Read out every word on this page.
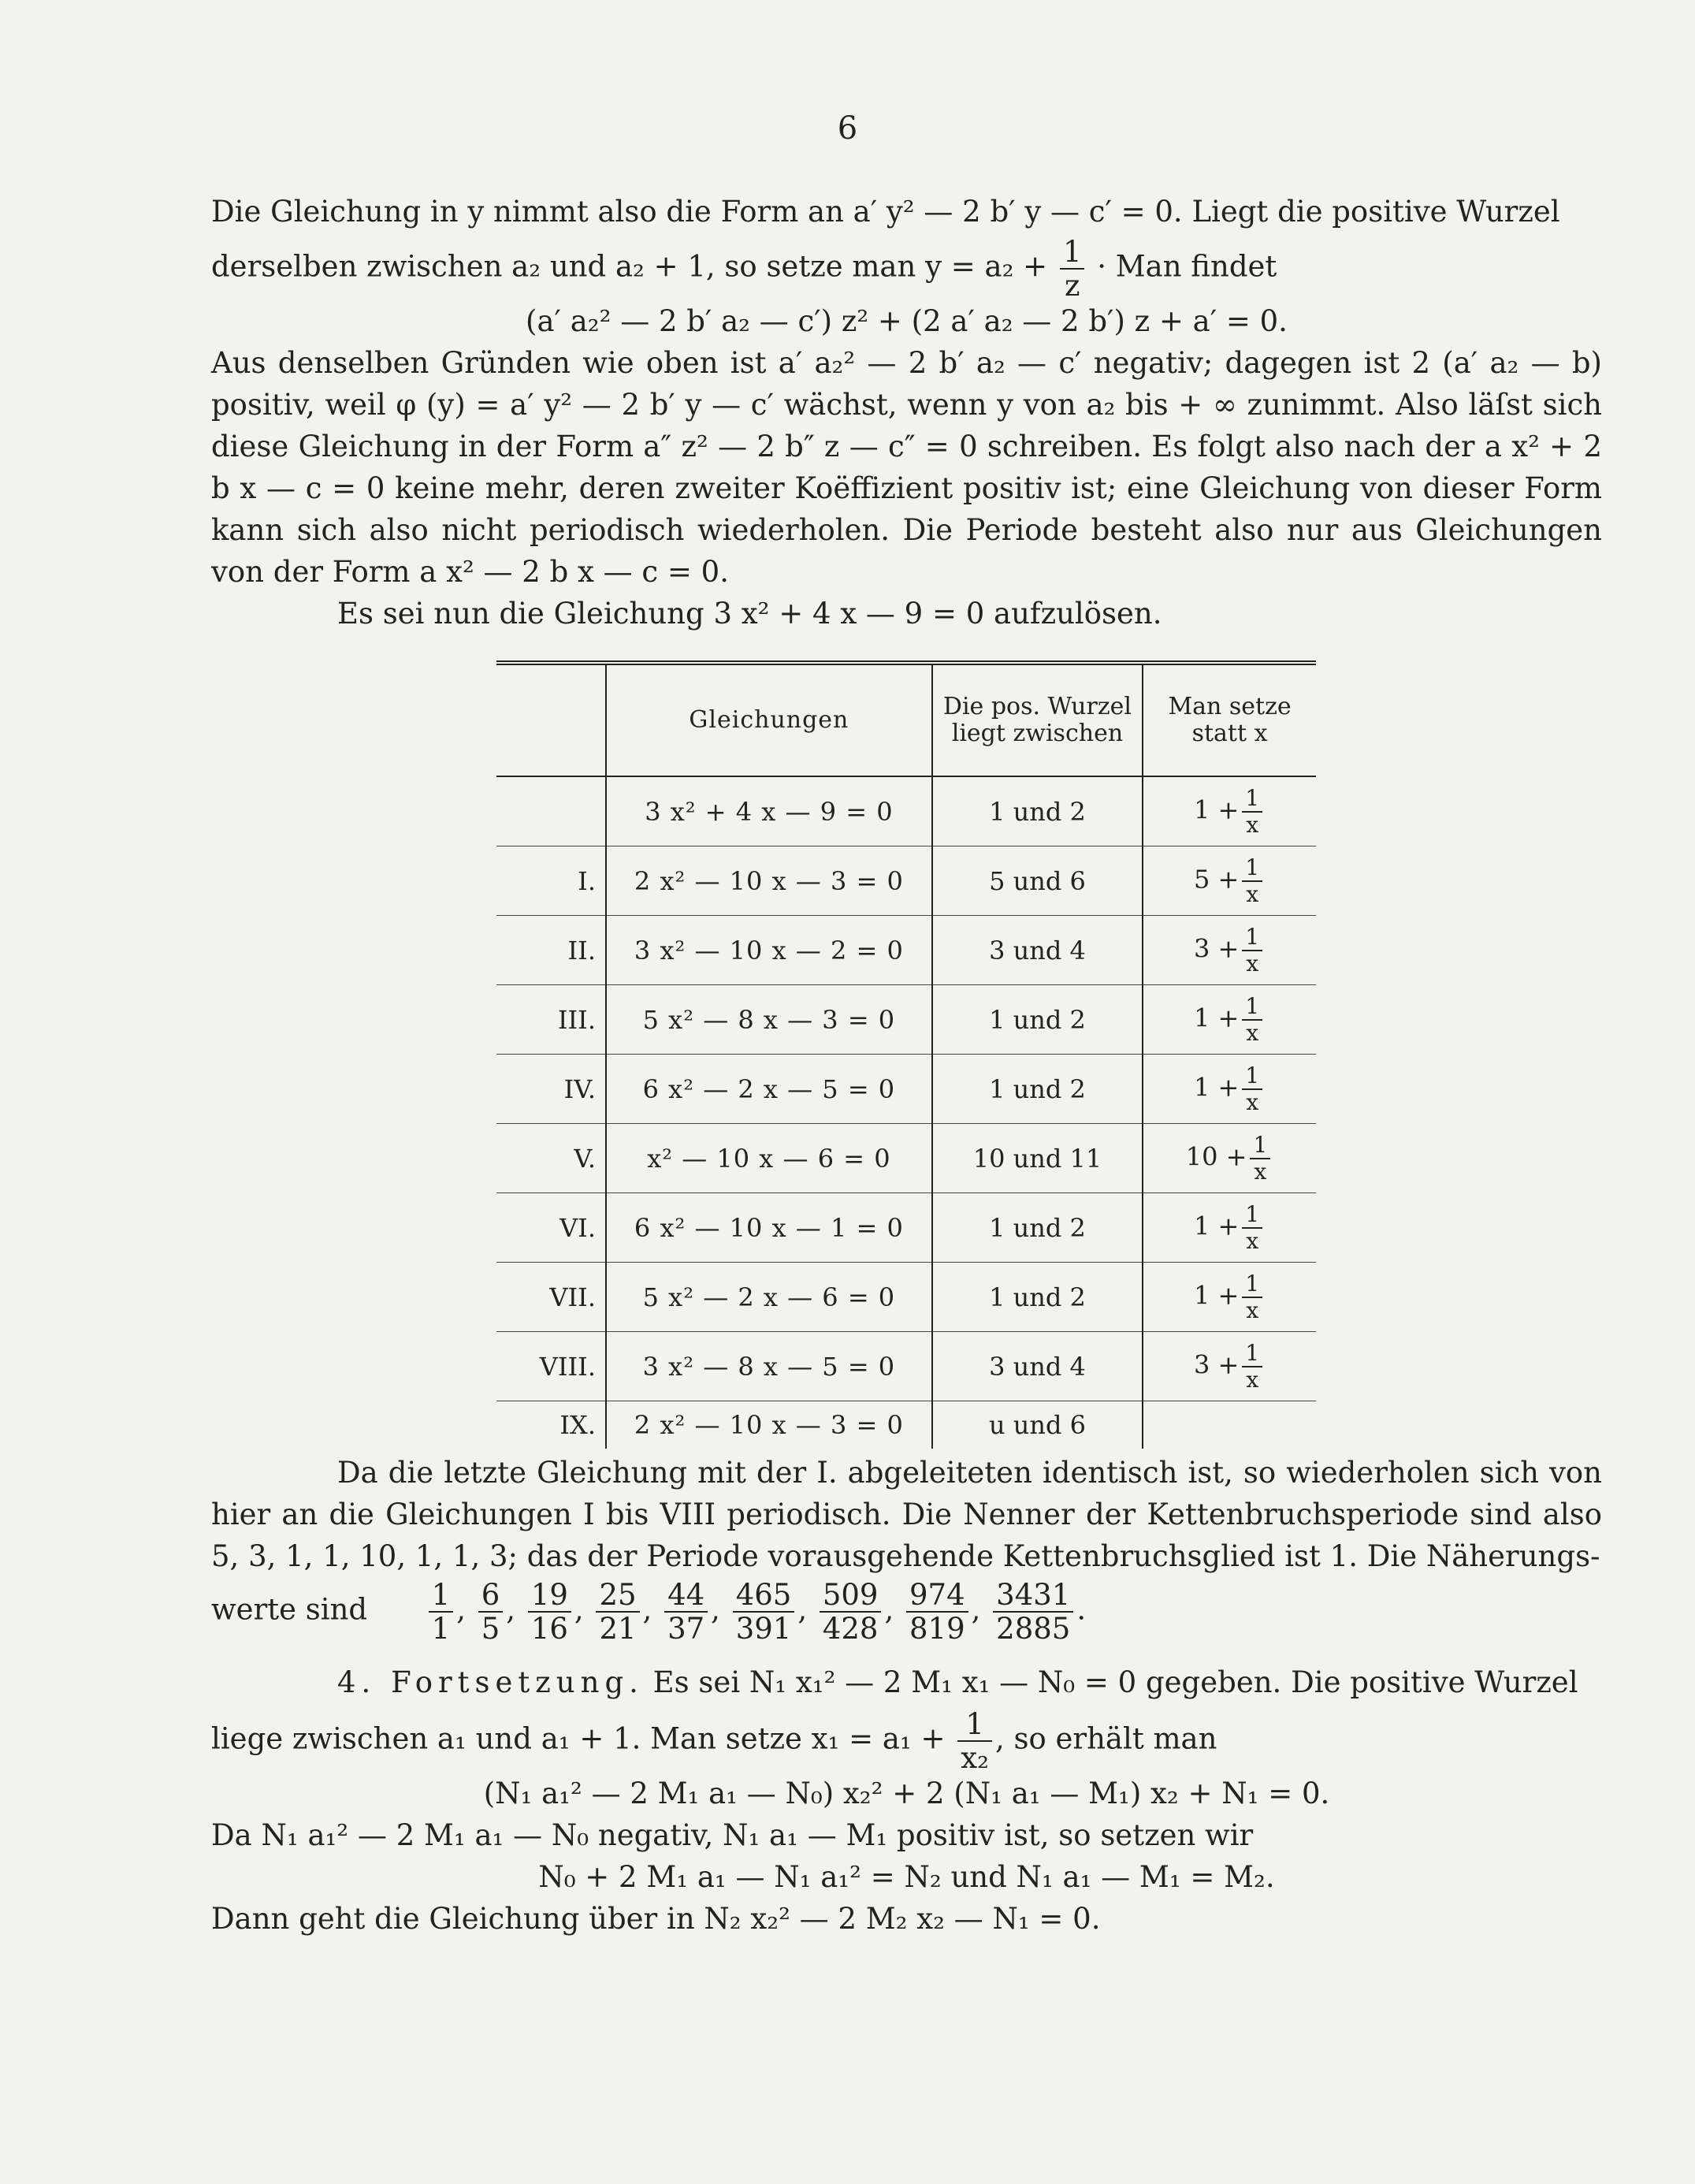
6

Die Gleichung in y nimmt also die Form an a′ y² — 2 b′ y — c′ = 0. Liegt die positive Wurzel

derselben zwischen a₂ und a₂ + 1, so setze man $y = a_2 + \frac{1}{z}$ · Man findet

(a′ a₂² — 2 b′ a₂ — c′) z² + (2 a′ a₂ — 2 b′) z + a′ = 0.

Aus denselben Gründen wie oben ist a′ a₂² — 2 b′ a₂ — c′ negativ; dagegen ist 2 (a′ a₂ — b) positiv, weil φ (y) = a′ y² — 2 b′ y — c′ wächst, wenn y von a₂ bis + ∞ zunimmt. Also läſst sich diese Gleichung in der Form a″ z² — 2 b″ z — c″ = 0 schreiben. Es folgt also nach der a x² + 2 b x — c = 0 keine mehr, deren zweiter Koëffizient positiv ist; eine Gleichung von dieser Form kann sich also nicht periodisch wiederholen. Die Periode besteht also nur aus Gleichungen von der Form a x² — 2 b x — c = 0.

Es sei nun die Gleichung 3 x² + 4 x — 9 = 0 aufzulösen.

	Gleichungen	Die pos. Wurzel liegt zwischen	Man setze statt x
	3 x² + 4 x — 9 = 0	1 und 2	$1 + \frac{1}{x}$

I.	2 x² — 10 x — 3 = 0	5 und 6	$5 + \frac{1}{x}$

II.	3 x² — 10 x — 2 = 0	3 und 4	$3 + \frac{1}{x}$

III.	5 x² — 8 x — 3 = 0	1 und 2	$1 + \frac{1}{x}$

IV.	6 x² — 2 x — 5 = 0	1 und 2	$1 + \frac{1}{x}$

V.	x² — 10 x — 6 = 0	10 und 11	$10 + \frac{1}{x}$

VI.	6 x² — 10 x — 1 = 0	1 und 2	$1 + \frac{1}{x}$

VII.	5 x² — 2 x — 6 = 0	1 und 2	$1 + \frac{1}{x}$

VIII.	3 x² — 8 x — 5 = 0	3 und 4	$3 + \frac{1}{x}$

IX.	2 x² — 10 x — 3 = 0	u und 6	

Da die letzte Gleichung mit der I. abgeleiteten identisch ist, so wiederholen sich von hier an die Gleichungen I bis VIII periodisch. Die Nenner der Kettenbruchsperiode sind also 5, 3, 1, 1, 10, 1, 1, 3; das der Periode vorausgehende Kettenbruchsglied ist 1. Die Näherungs-

werte sind $\frac{1}{1}$ , $\frac{6}{5}$ , $\frac{19}{16}$ , $\frac{25}{21}$ , $\frac{44}{37}$ , $\frac{465}{391}$ , $\frac{509}{428}$ , $\frac{974}{819}$ , $\frac{3431}{2885}$ .

4. Fortsetzung. Es sei N₁ x₁² — 2 M₁ x₁ — N₀ = 0 gegeben. Die positive Wurzel

liege zwischen a₁ und a₁ + 1. Man setze $x_1 = a_1 + \frac{1}{\text{x₂}}$ , so erhält man

(N₁ a₁² — 2 M₁ a₁ — N₀) x₂² + 2 (N₁ a₁ — M₁) x₂ + N₁ = 0.

Da N₁ a₁² — 2 M₁ a₁ — N₀ negativ, N₁ a₁ — M₁ positiv ist, so setzen wir

N₀ + 2 M₁ a₁ — N₁ a₁² = N₂ und N₁ a₁ — M₁ = M₂.

Dann geht die Gleichung über in N₂ x₂² — 2 M₂ x₂ — N₁ = 0.
